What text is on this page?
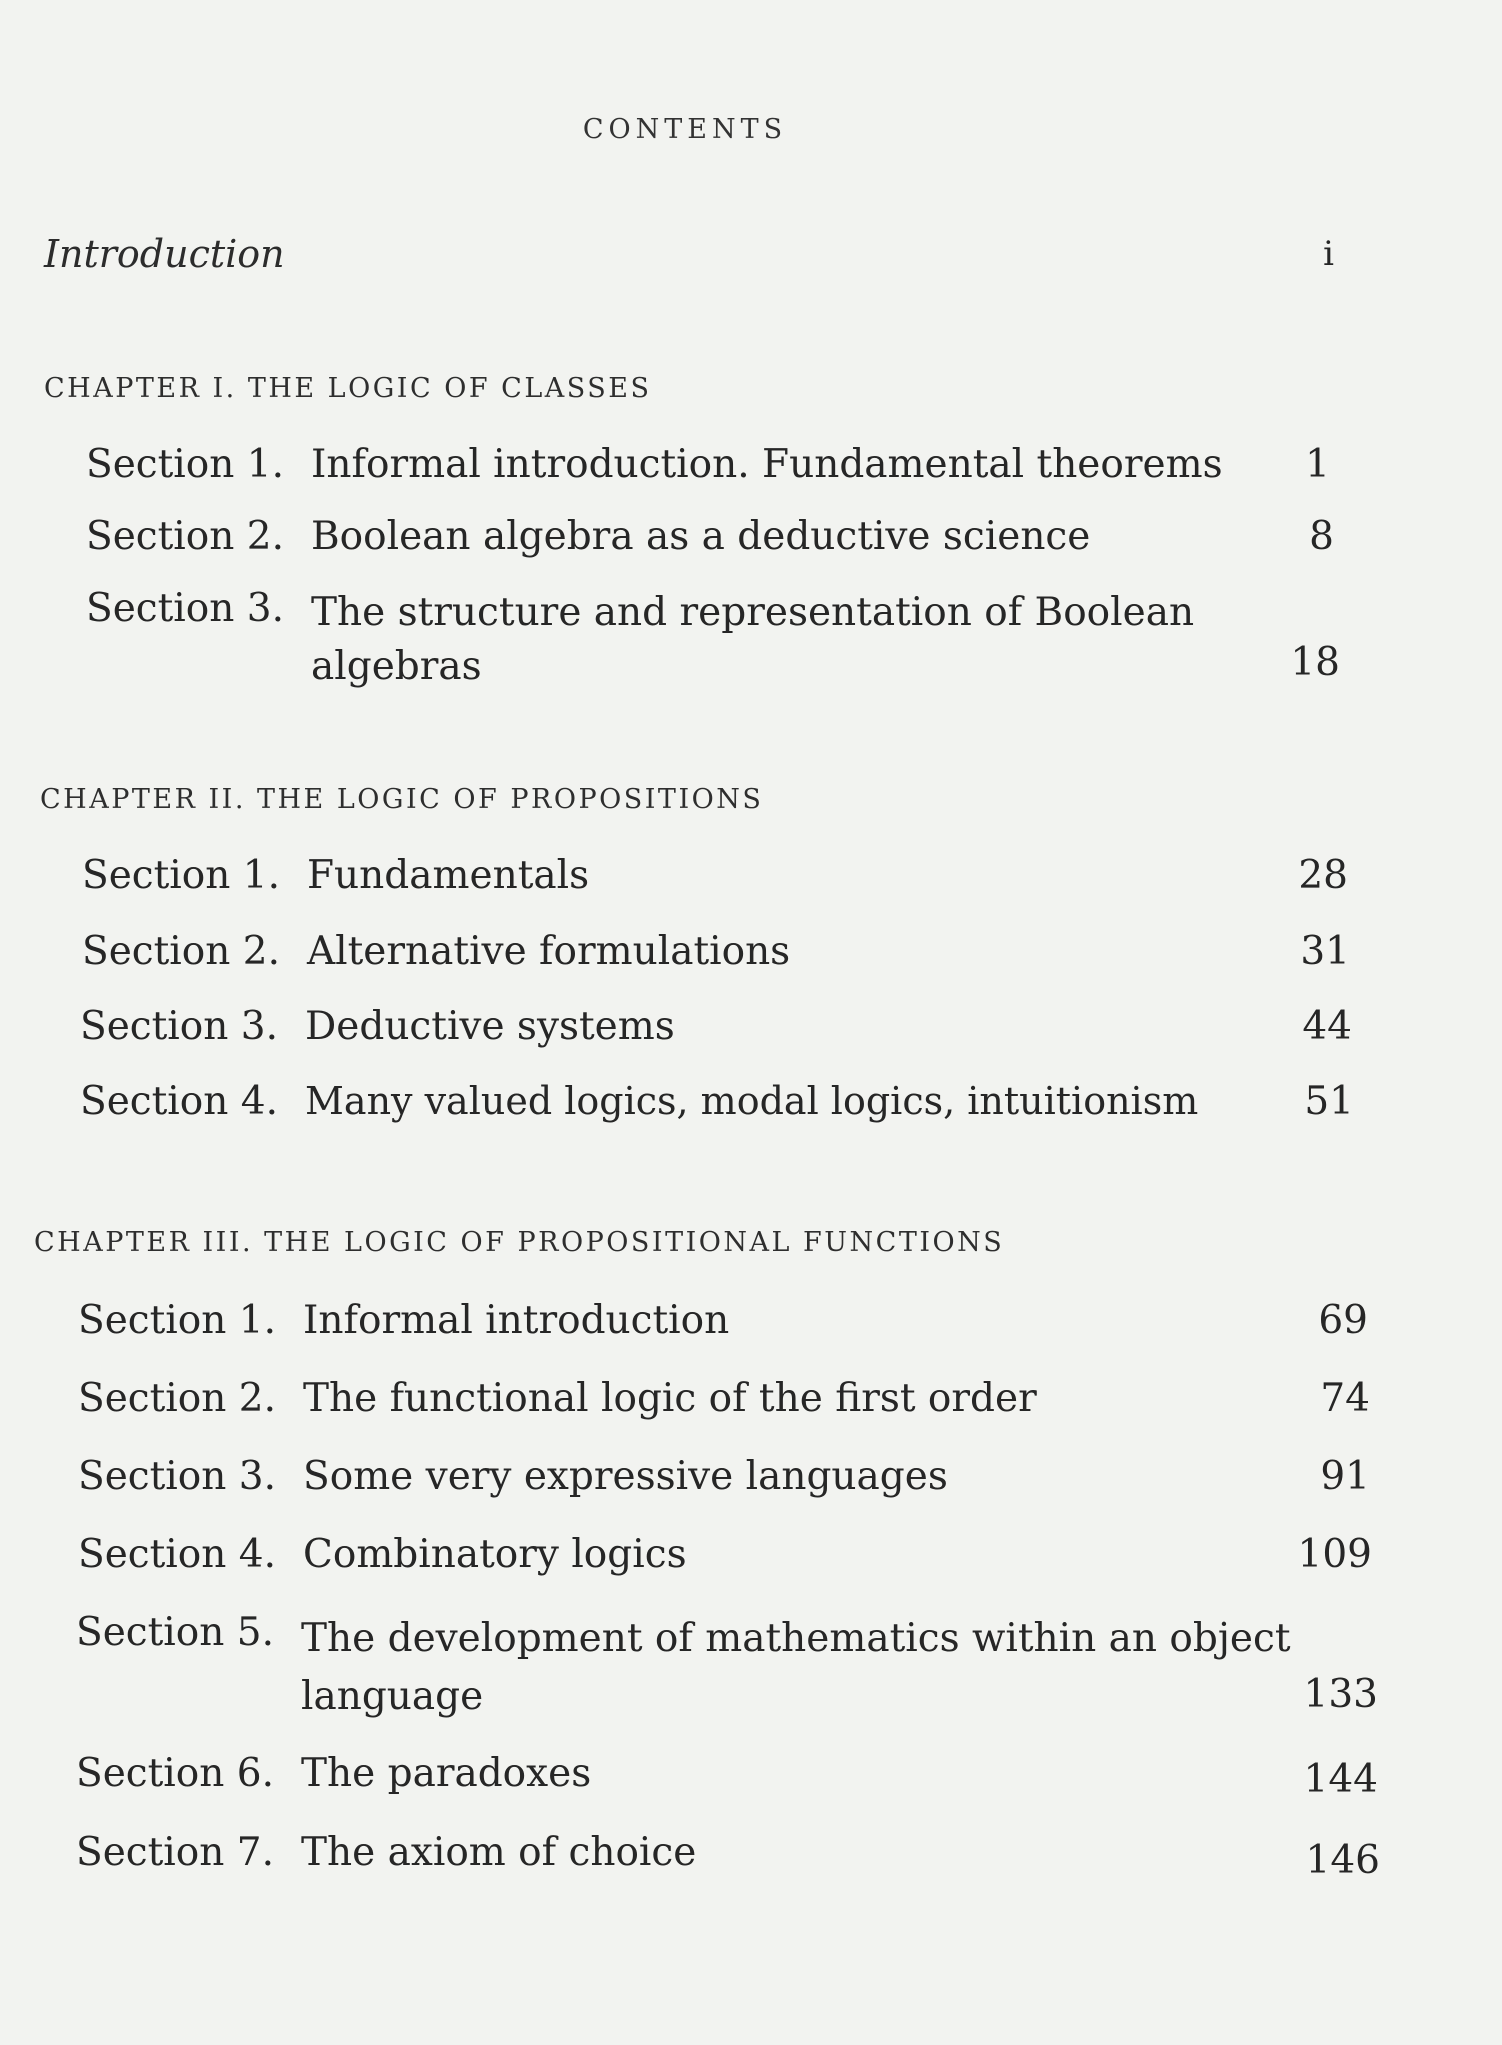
CONTENTS
Introduction	i
CHAPTER I. THE LOGIC OF CLASSES
Section 1. Informal introduction. Fundamental theorems 1
Section 2. Boolean algebra as a deductive science	8
Section 3. The structure and representation of Boolean algebras	18
CHAPTER II. THE LOGIC OF PROPOSITIONS
Section 1. Fundamentals	28
Section 2. Alternative formulations	31
Section 3. Deductive systems	44
Section 4. Many valued logics, modal logics, intuitionism	51
CHAPTER III. THE LOGIC OF PROPOSITIONAL FUNCTIONS
Section 1. Informal introduction	69
Section 2. The functional logic of the first order	74
Section 3. Some very expressive languages	91
Section 4. Combinatory logics	109
Section 5. The development of mathematics within an object language	133
Section 6. The paradoxes	144
Section 7. The axiom of choice	146
